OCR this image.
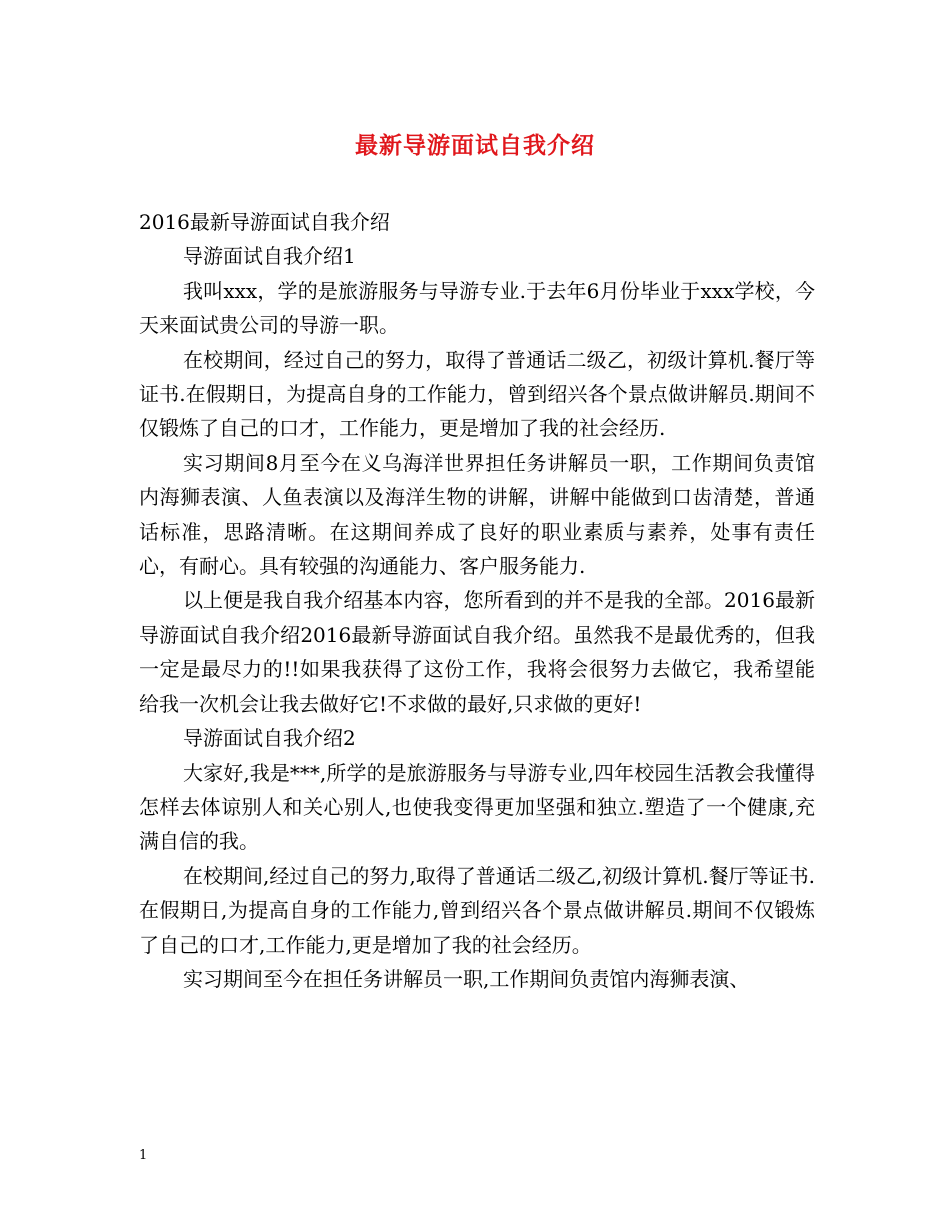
最新导游面试自我介绍

2016最新导游面试自我介绍

导游面试自我介绍1

我叫xxx，学的是旅游服务与导游专业.于去年6月份毕业于xxx学校，今天来面试贵公司的导游一职。

在校期间，经过自己的努力，取得了普通话二级乙，初级计算机.餐厅等证书.在假期日，为提高自身的工作能力，曾到绍兴各个景点做讲解员.期间不仅锻炼了自己的口才，工作能力，更是增加了我的社会经历.

实习期间8月至今在义乌海洋世界担任务讲解员一职，工作期间负责馆内海狮表演、人鱼表演以及海洋生物的讲解，讲解中能做到口齿清楚，普通话标准，思路清晰。在这期间养成了良好的职业素质与素养，处事有责任心，有耐心。具有较强的沟通能力、客户服务能力.

以上便是我自我介绍基本内容，您所看到的并不是我的全部。2016最新导游面试自我介绍2016最新导游面试自我介绍。虽然我不是最优秀的，但我一定是最尽力的!!如果我获得了这份工作，我将会很努力去做它，我希望能给我一次机会让我去做好它!不求做的最好,只求做的更好!

导游面试自我介绍2

大家好,我是***,所学的是旅游服务与导游专业,四年校园生活教会我懂得怎样去体谅别人和关心别人,也使我变得更加坚强和独立.塑造了一个健康,充满自信的我。

在校期间,经过自己的努力,取得了普通话二级乙,初级计算机.餐厅等证书.在假期日,为提高自身的工作能力,曾到绍兴各个景点做讲解员.期间不仅锻炼了自己的口才,工作能力,更是增加了我的社会经历。

实习期间至今在担任务讲解员一职,工作期间负责馆内海狮表演、

1
